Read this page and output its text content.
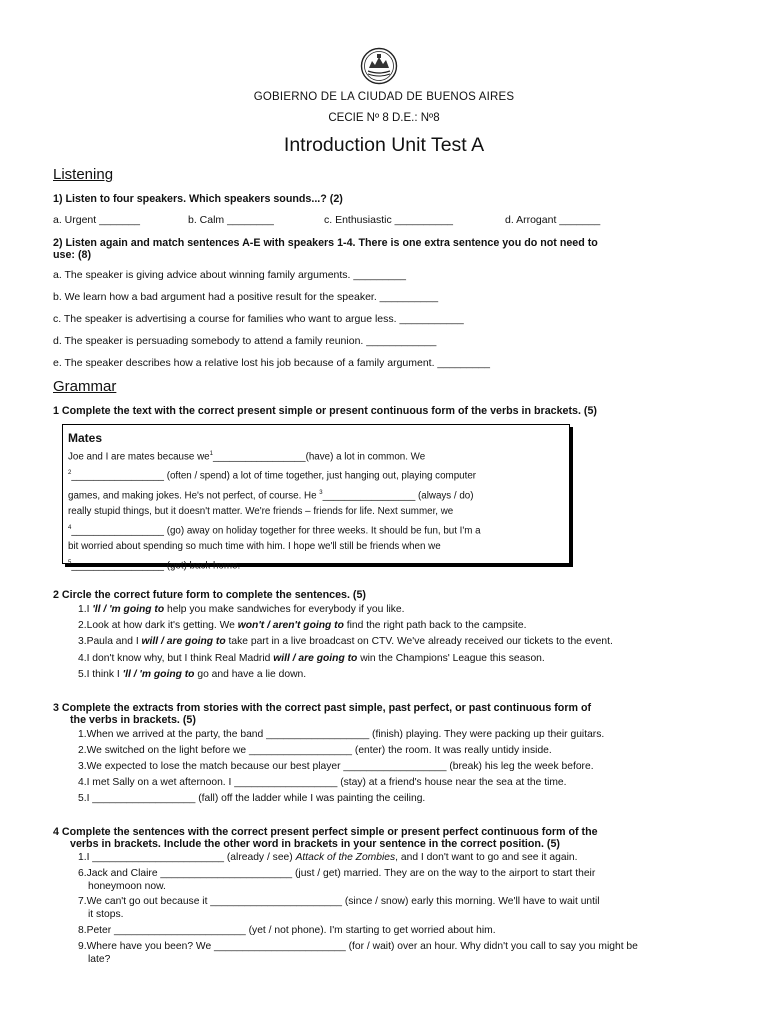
GOBIERNO DE LA CIUDAD DE BUENOS AIRES
CECIE Nº 8 D.E.: Nº8
Introduction Unit Test A
Listening
1) Listen to four speakers. Which speakers sounds...? (2)
a. Urgent _______	b. Calm ________	c. Enthusiastic __________	d. Arrogant _______
2) Listen again and match sentences A-E with speakers 1-4. There is one extra sentence you do not need to
use: (8)
a. The speaker is giving advice about winning family arguments. _________
b. We learn how a bad argument had a positive result for the speaker. __________
c. The speaker is advertising a course for families who want to argue less. ___________
d. The speaker is persuading somebody to attend a family reunion. ____________
e. The speaker describes how a relative lost his job because of a family argument. _________
Grammar
1 Complete the text with the correct present simple or present continuous form of the verbs in brackets. (5)
Mates
Joe and I are mates because $we^1\_\_\_\_\_\_\_\_\_\_\_\_\_\_\_\_\_(have)$ a lot in common. We
$^2$_________________ (often / spend) a lot of time together, just hanging out, playing computer
games, and making jokes. He's not perfect, of course. He $^3$_________________ (always / do)
really stupid things, but it doesn't matter. We're friends – friends for life. Next summer, we
$^4$_________________ (go) away on holiday together for three weeks. It should be fun, but I'm a
bit worried about spending so much time with him. I hope we'll still be friends when we
$^5$_________________ (get) back home.
2 Circle the correct future form to complete the sentences. (5)
1.I 'll / 'm going to help you make sandwiches for everybody if you like.
2.Look at how dark it's getting. We won't / aren't going to find the right path back to the campsite.
3.Paula and I will / are going to take part in a live broadcast on CTV. We've already received our tickets to the event.
4.I don't know why, but I think Real Madrid will / are going to win the Champions' League this season.
5.I think I 'll / 'm going to go and have a lie down.
3 Complete the extracts from stories with the correct past simple, past perfect, or past continuous form of
the verbs in brackets. (5)
1.When we arrived at the party, the band __________________ (finish) playing. They were packing up their guitars.
2.We switched on the light before we __________________ (enter) the room. It was really untidy inside.
3.We expected to lose the match because our best player __________________ (break) his leg the week before.
4.I met Sally on a wet afternoon. I __________________ (stay) at a friend's house near the sea at the time.
5.I __________________ (fall) off the ladder while I was painting the ceiling.
4 Complete the sentences with the correct present perfect simple or present perfect continuous form of the
verbs in brackets. Include the other word in brackets in your sentence in the correct position. (5)
1.I _______________________ (already / see) Attack of the Zombies, and I don't want to go and see it again.
6.Jack and Claire _______________________ (just / get) married. They are on the way to the airport to start their
honeymoon now.
7.We can't go out because it _______________________ (since / snow) early this morning. We'll have to wait until
it stops.
8.Peter _______________________ (yet / not phone). I'm starting to get worried about him.
9.Where have you been? We _______________________ (for / wait) over an hour. Why didn't you call to say you might be
late?
